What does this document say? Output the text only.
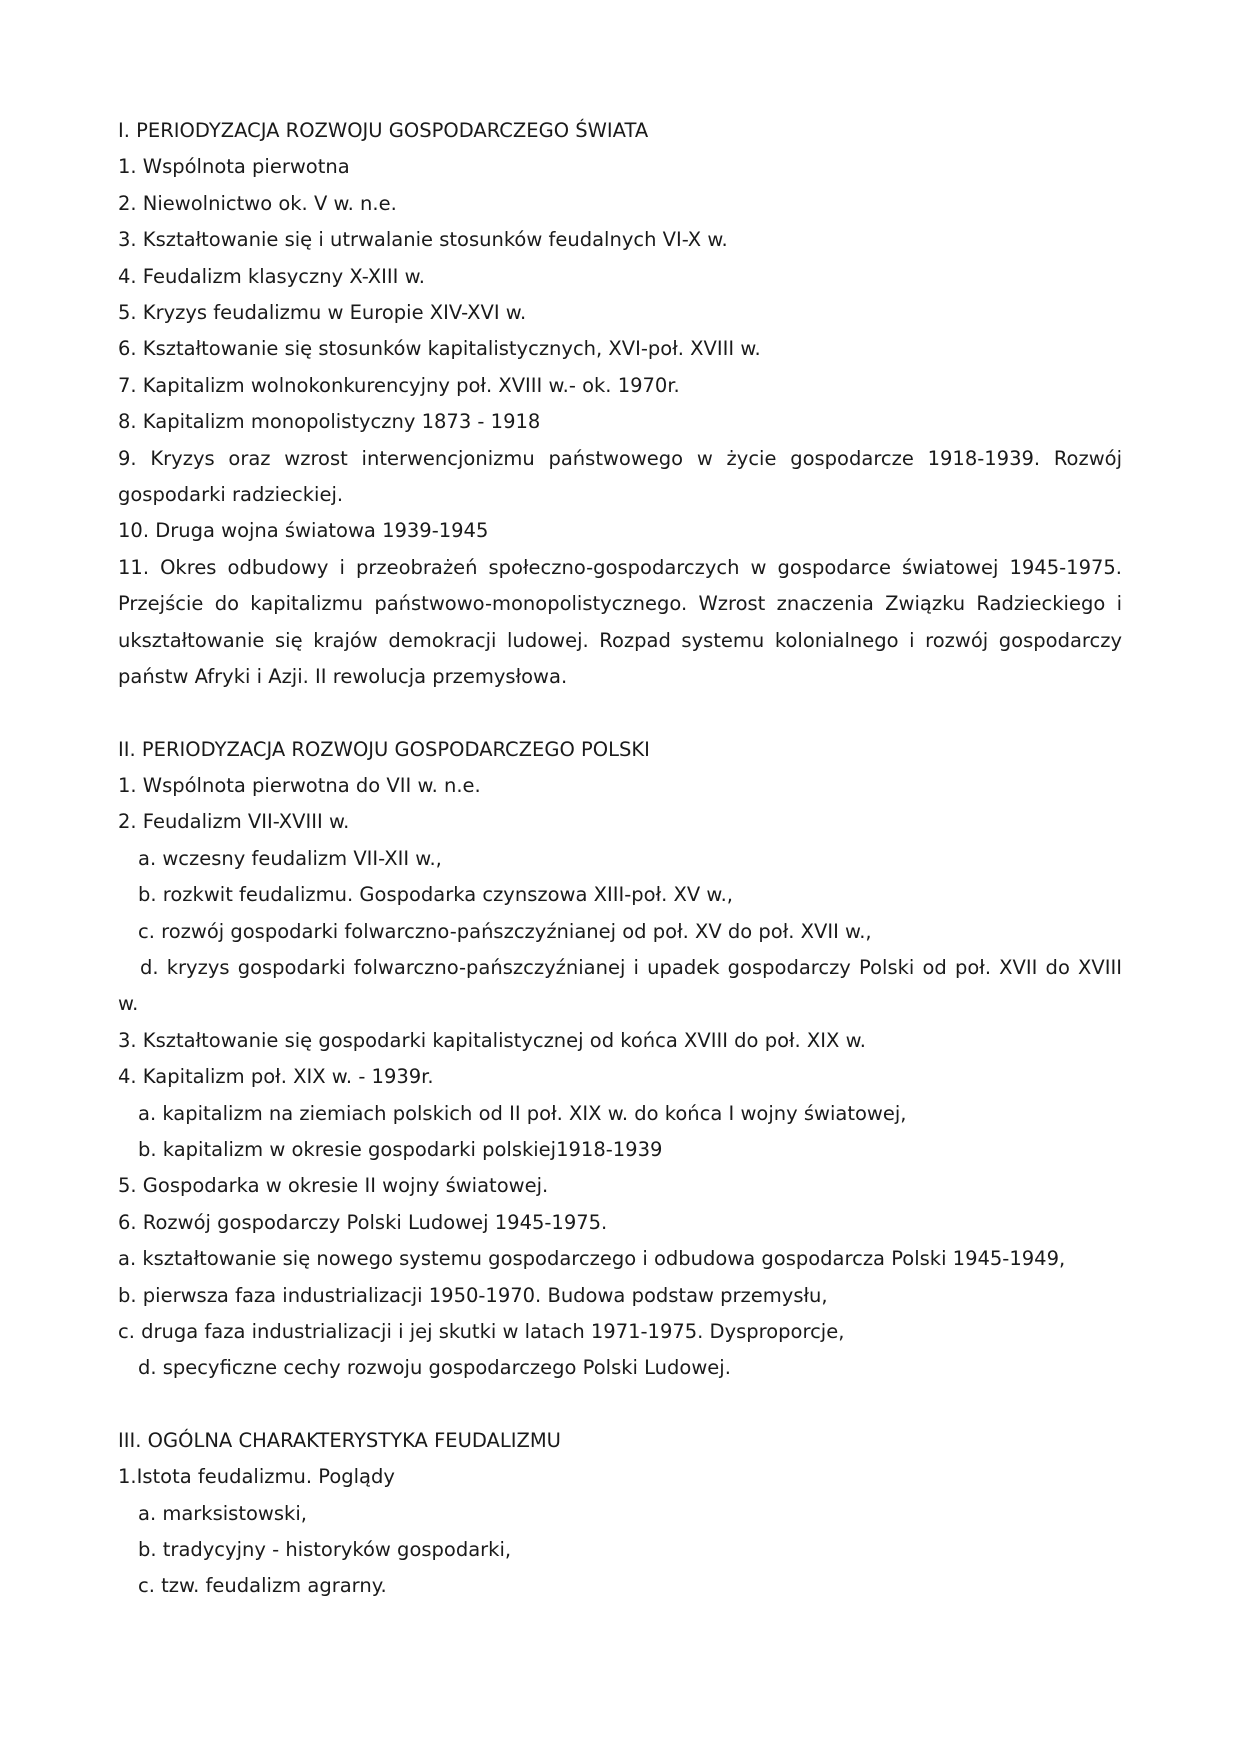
I. PERIODYZACJA ROZWOJU GOSPODARCZEGO ŚWIATA
1. Wspólnota pierwotna
2. Niewolnictwo ok. V w. n.e.
3. Kształtowanie się i utrwalanie stosunków feudalnych VI-X w.
4. Feudalizm klasyczny X-XIII w.
5. Kryzys feudalizmu w Europie XIV-XVI w.
6. Kształtowanie się stosunków kapitalistycznych, XVI-poł. XVIII w.
7. Kapitalizm wolnokonkurencyjny poł. XVIII w.- ok. 1970r.
8. Kapitalizm monopolistyczny 1873 - 1918
9. Kryzys oraz wzrost interwencjonizmu państwowego w życie gospodarcze 1918-1939. Rozwój gospodarki radzieckiej.
10. Druga wojna światowa 1939-1945
11. Okres odbudowy i przeobrażeń społeczno-gospodarczych w gospodarce światowej 1945-1975. Przejście do kapitalizmu państwowo-monopolistycznego. Wzrost znaczenia Związku Radzieckiego i ukształtowanie się krajów demokracji ludowej. Rozpad systemu kolonialnego i rozwój gospodarczy państw Afryki i Azji. II rewolucja przemysłowa.
II. PERIODYZACJA ROZWOJU GOSPODARCZEGO POLSKI
1. Wspólnota pierwotna do VII w. n.e.
2. Feudalizm VII-XVIII w.
a. wczesny feudalizm VII-XII w.,
b. rozkwit feudalizmu. Gospodarka czynszowa XIII-poł. XV w.,
c. rozwój gospodarki folwarczno-pańszczyźnianej od poł. XV do poł. XVII w.,
d. kryzys gospodarki folwarczno-pańszczyźnianej i upadek gospodarczy Polski od poł. XVII do XVIII w.
3. Kształtowanie się gospodarki kapitalistycznej od końca XVIII do poł. XIX w.
4. Kapitalizm poł. XIX w. - 1939r.
a. kapitalizm na ziemiach polskich od II poł. XIX w. do końca I wojny światowej,
b. kapitalizm w okresie gospodarki polskiej1918-1939
5. Gospodarka w okresie II wojny światowej.
6. Rozwój gospodarczy Polski Ludowej 1945-1975.
a. kształtowanie się nowego systemu gospodarczego i odbudowa gospodarcza Polski 1945-1949,
b. pierwsza faza industrializacji 1950-1970. Budowa podstaw przemysłu,
c. druga faza industrializacji i jej skutki w latach 1971-1975. Dysproporcje,
d. specyficzne cechy rozwoju gospodarczego Polski Ludowej.
III. OGÓLNA CHARAKTERYSTYKA FEUDALIZMU
1.Istota feudalizmu. Poglądy
a. marksistowski,
b. tradycyjny - historyków gospodarki,
c. tzw. feudalizm agrarny.
